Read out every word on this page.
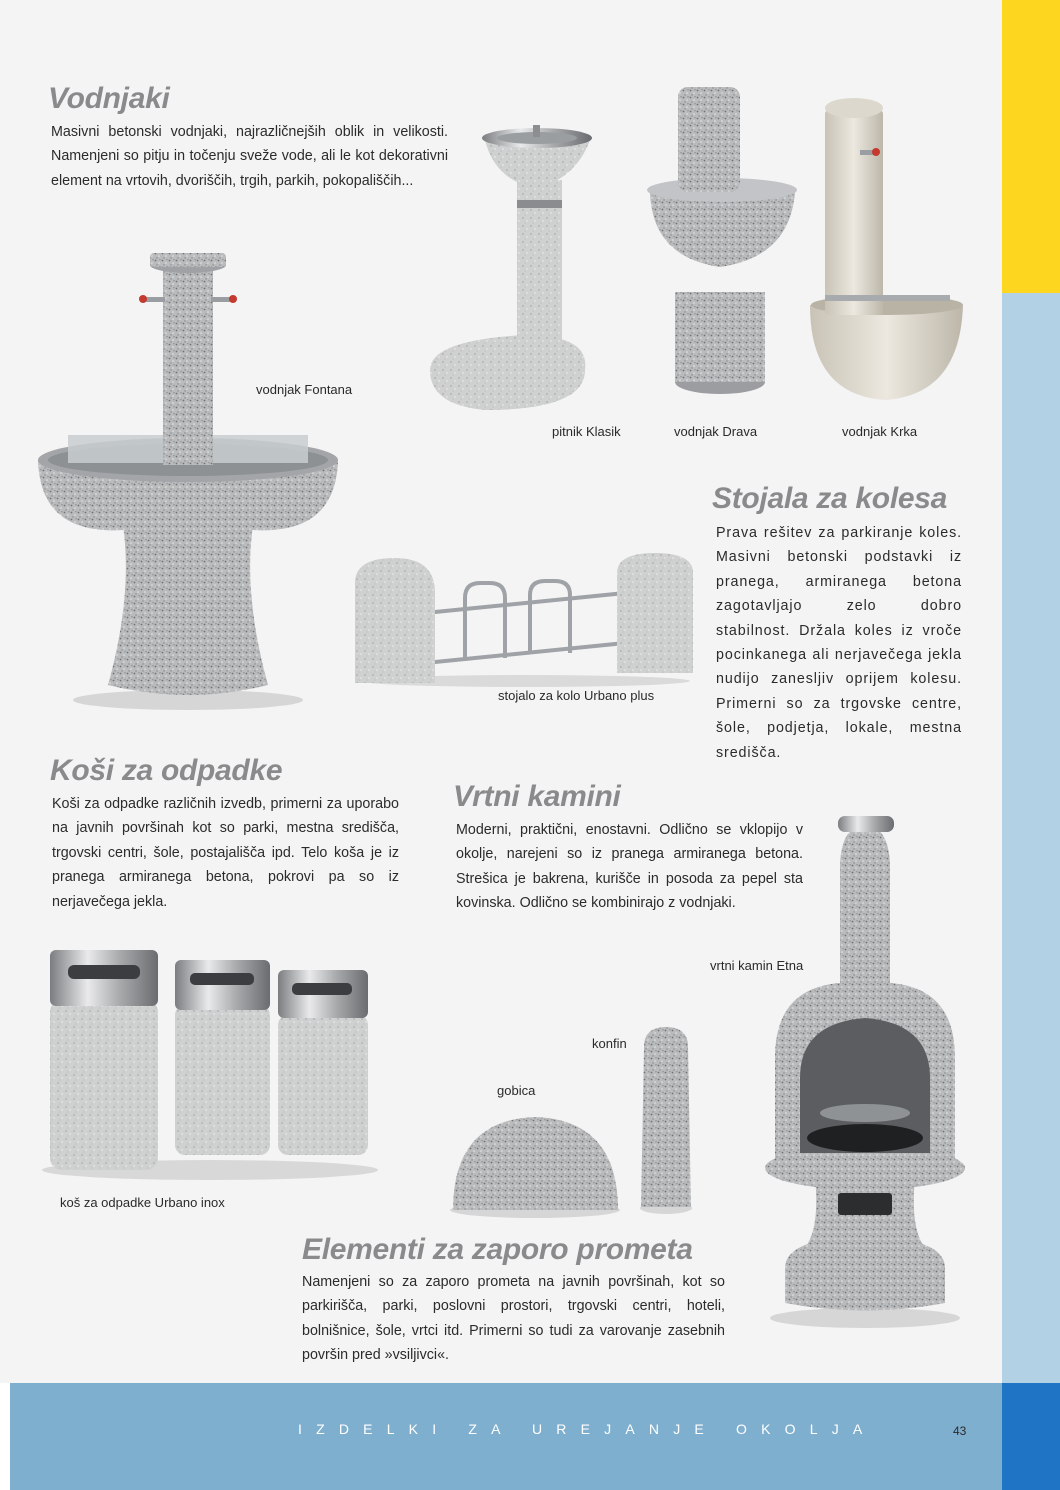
Vodnjaki

Masivni betonski vodnjaki, najrazličnejših oblik in velikosti. Namenjeni so pitju in točenju sveže vode, ali le kot dekorativni element na vrtovih, dvoriščih, trgih, parkih, pokopališčih...

vodnjak Fontana
pitnik Klasik	vodnjak Drava	vodnjak Krka
Stojala za kolesa

Prava rešitev za parkiranje koles. Masivni betonski podstavki iz pranega, armiranega betona zagotavljajo zelo dobro stabilnost. Držala koles iz vroče pocinkanega ali nerjavečega jekla nudijo zanesljiv oprijem kolesu. Primerni so za trgovske centre, šole, podjetja, lokale, mestna središča.

stojalo za kolo Urbano plus
Koši za odpadke

Koši za odpadke različnih izvedb, primerni za uporabo na javnih površinah kot so parki, mestna središča, trgovski centri, šole, postajališča ipd. Telo koša je iz pranega armiranega betona, pokrovi pa so iz nerjavečega jekla.

koš za odpadke Urbano inox
Vrtni kamini

Moderni, praktični, enostavni. Odlično se vklopijo v okolje, narejeni so iz pranega armiranega betona. Strešica je bakrena, kurišče in posoda za pepel sta kovinska. Odlično se kombinirajo z vodnjaki.

vrtni kamin Etna
konfin
gobica
Elementi za zaporo prometa

Namenjeni so za zaporo prometa na javnih površinah, kot so parkirišča, parki, poslovni prostori, trgovski centri, hoteli, bolnišnice, šole, vrtci itd. Primerni so tudi za varovanje zasebnih površin pred »vsiljivci«.

IZDELKI ZA UREJANJE OKOLJA	43
